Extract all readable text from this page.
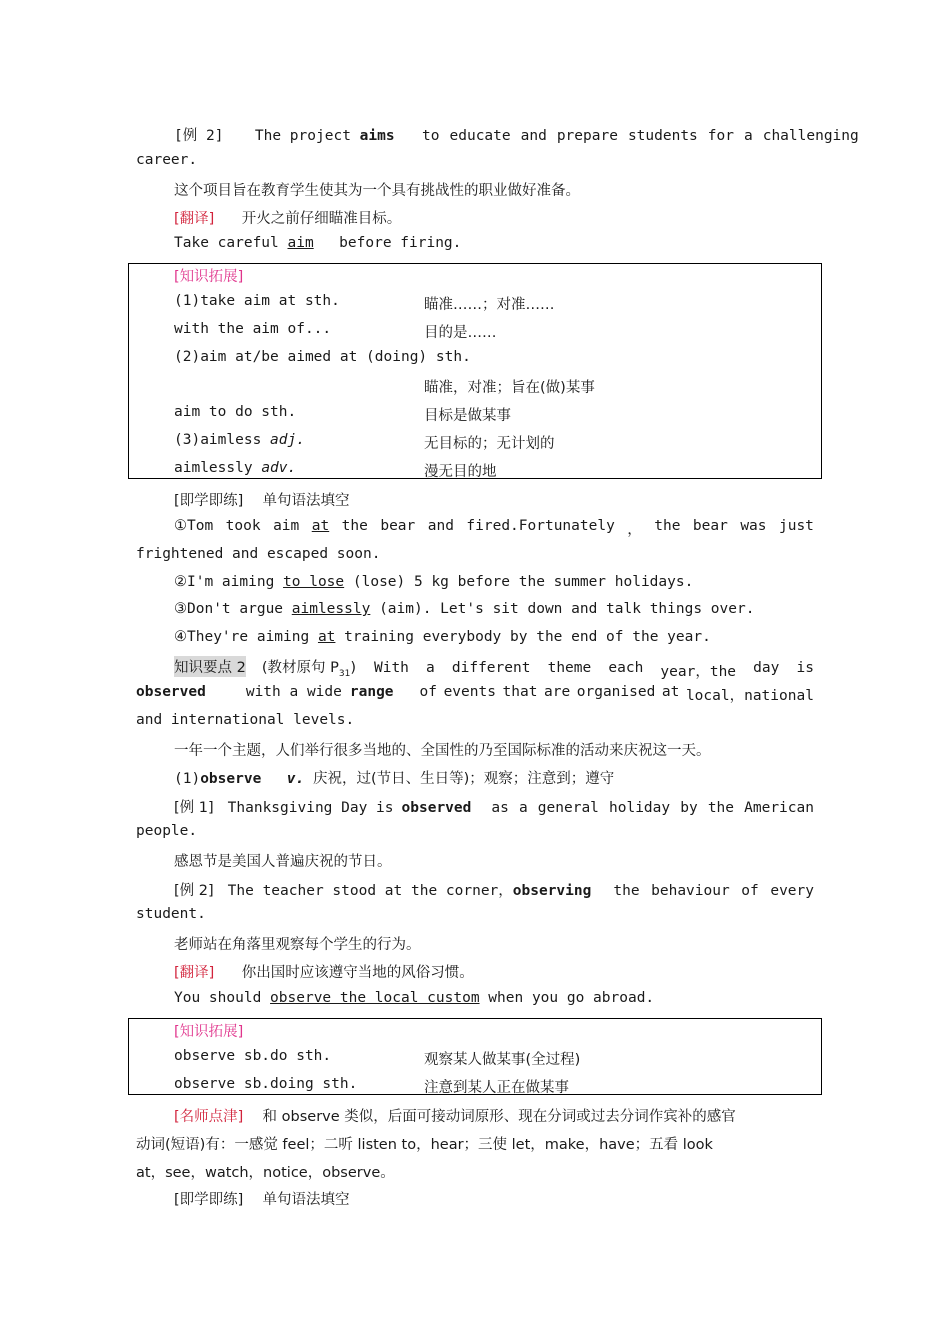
[例 2] The project aims to educate and prepare students for a challenging
career.
这个项目旨在教育学生使其为一个具有挑战性的职业做好准备。
[翻译] 开火之前仔细瞄准目标。
Take careful aim before firing.
[知识拓展]
(1)take aim at sth.	瞄准……；对准……
with the aim of...	目的是……
(2)aim at/be aimed at (doing) sth.
瞄准，对准；旨在(做)某事
aim to do sth.	目标是做某事
(3)aimless adj.	无目标的；无计划的
aimlessly adv.	漫无目的地
[即学即练] 单句语法填空
①Tom took aim at the bear and fired.Fortunately ， the bear was just
frightened and escaped soon.
②I'm aiming to lose (lose) 5 kg before the summer holidays.
③Don't argue aimlessly (aim). Let's sit down and talk things over.
④They're aiming at training everybody by the end of the year.
知识要点 2 (教材原句 $P_{31}$) With a different theme each year，the day is
observed	with a wide range of events that are organised at local，national
and international levels.
一年一个主题，人们举行很多当地的、全国性的乃至国际标准的活动来庆祝这一天。
(1)observe v. 庆祝，过(节日、生日等)；观察；注意到；遵守
[例 1] Thanksgiving Day is observed as a general holiday by the American
people.
感恩节是美国人普遍庆祝的节日。
[例 2] The teacher stood at the corner， observing the behaviour of every
student.
老师站在角落里观察每个学生的行为。
[翻译] 你出国时应该遵守当地的风俗习惯。
You should observe the local custom when you go abroad.
[知识拓展]
observe sb.do sth.	观察某人做某事(全过程)
observe sb.doing sth.	注意到某人正在做某事
[名师点津] 和 observe 类似，后面可接动词原形、现在分词或过去分词作宾补的感官
动词(短语)有：一感觉 feel；二听 listen to，hear；三使 let，make，have；五看 look
at，see，watch，notice，observe。
[即学即练] 单句语法填空
